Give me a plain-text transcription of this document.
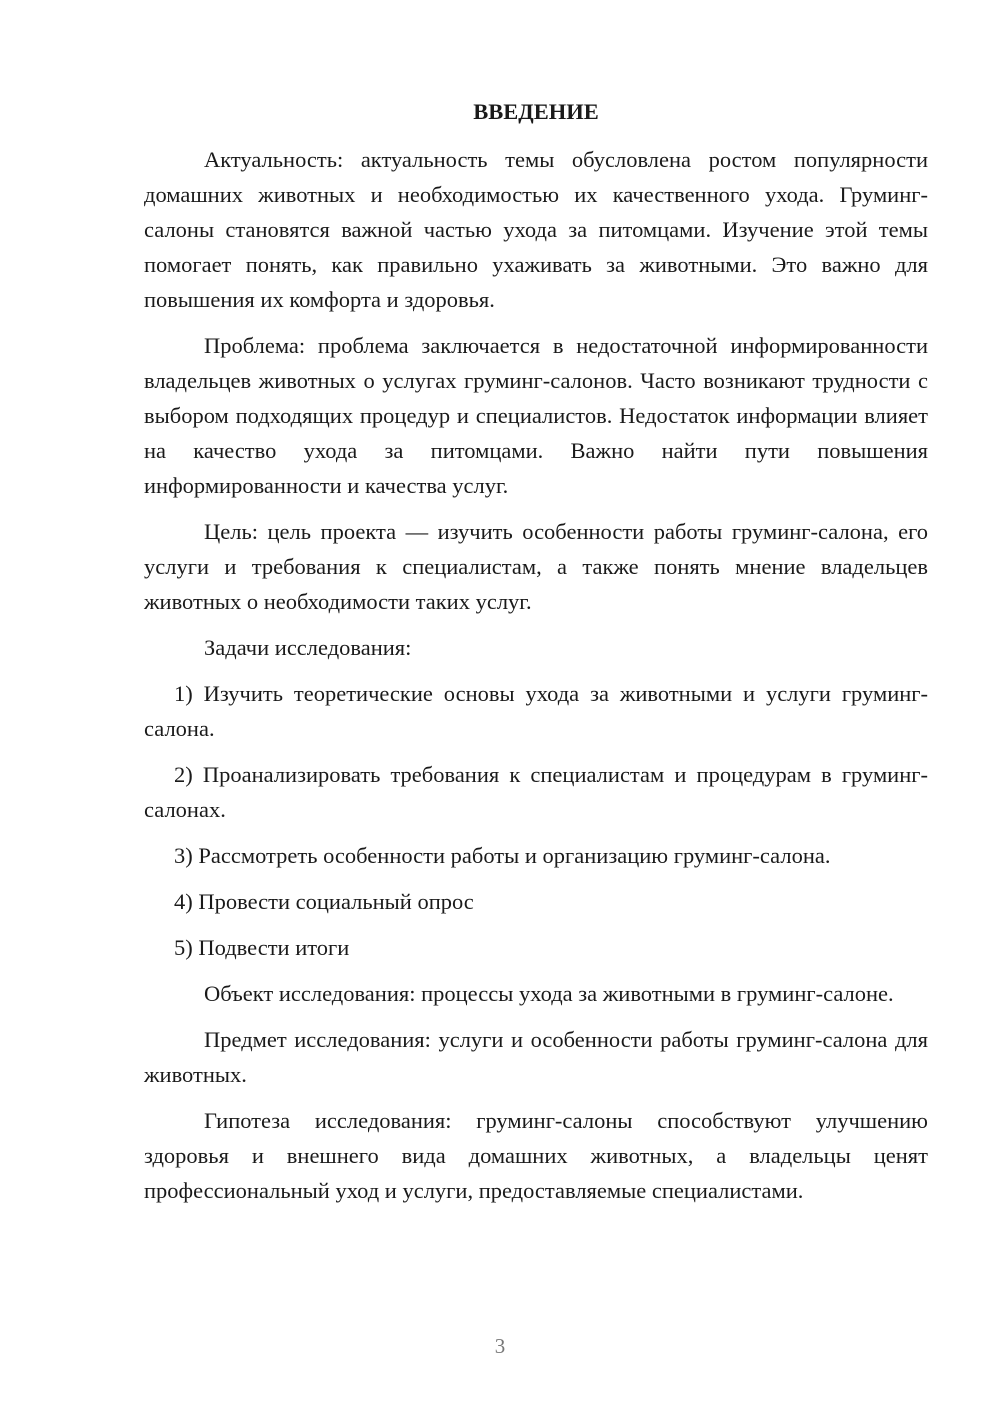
ВВЕДЕНИЕ

Актуальность: актуальность темы обусловлена ростом популярности домашних животных и необходимостью их качественного ухода. Груминг-салоны становятся важной частью ухода за питомцами. Изучение этой темы помогает понять, как правильно ухаживать за животными. Это важно для повышения их комфорта и здоровья.

Проблема: проблема заключается в недостаточной информированности владельцев животных о услугах груминг-салонов. Часто возникают трудности с выбором подходящих процедур и специалистов. Недостаток информации влияет на качество ухода за питомцами. Важно найти пути повышения информированности и качества услуг.

Цель: цель проекта — изучить особенности работы груминг-салона, его услуги и требования к специалистам, а также понять мнение владельцев животных о необходимости таких услуг.

Задачи исследования:

1) Изучить теоретические основы ухода за животными и услуги груминг-салона.

2) Проанализировать требования к специалистам и процедурам в груминг-салонах.

3) Рассмотреть особенности работы и организацию груминг-салона.

4) Провести социальный опрос

5) Подвести итоги

Объект исследования: процессы ухода за животными в груминг-салоне.

Предмет исследования: услуги и особенности работы груминг-салона для животных.

Гипотеза исследования: груминг-салоны способствуют улучшению здоровья и внешнего вида домашних животных, а владельцы ценят профессиональный уход и услуги, предоставляемые специалистами.

3
